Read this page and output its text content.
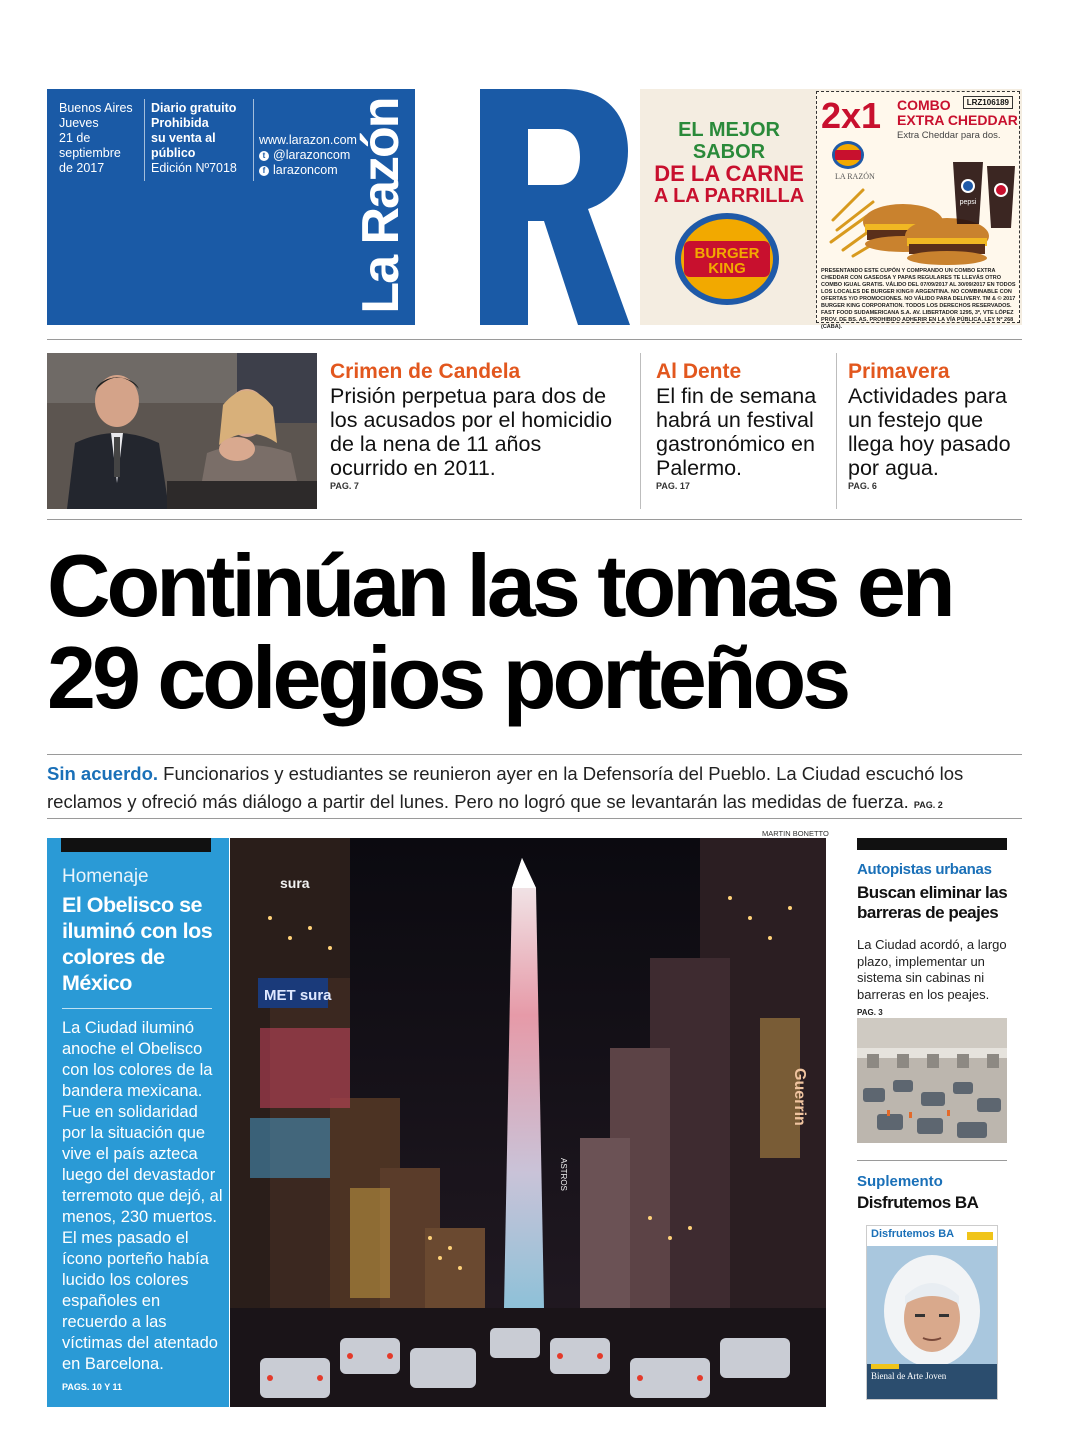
Buenos Aires
Jueves
21 de
septiembre
de 2017
Diario gratuito
Prohibida
su venta al
público
Edición Nº7018
www.larazon.com
t @larazoncom
f larazoncom La Razón	EL MEJOR SABOR
DE LA CARNE
A LA PARRILLA
BURGER
KING
2x1 COMBO
EXTRA CHEDDAR
Extra Cheddar para dos.
LRZ106189
LA RAZÓN
pepsi
PRESENTANDO ESTE CUPÓN Y COMPRANDO UN COMBO EXTRA CHEDDAR CON GASEOSA Y PAPAS REGULARES TE LLEVÁS OTRO COMBO IGUAL GRATIS. VÁLIDO DEL 07/09/2017 AL 30/09/2017 EN TODOS LOS LOCALES DE BURGER KING® ARGENTINA. NO COMBINABLE CON OFERTAS Y/O PROMOCIONES. NO VÁLIDO PARA DELIVERY. TM & © 2017 BURGER KING CORPORATION. TODOS LOS DERECHOS RESERVADOS. FAST FOOD SUDAMERICANA S.A. AV. LIBERTADOR 1295, 3º, VTE LÓPEZ PROV. DE BS. AS. PROHIBIDO ADHERIR EN LA VÍA PÚBLICA. LEY Nº 268 (CABA).
Crimen de Candela
Prisión perpetua para dos de los acusados por el homicidio de la nena de 11 años ocurrido en 2011.
PAG. 7
Al Dente
El fin de semana habrá un festival gastronómico en Palermo.
PAG. 17
Primavera
Actividades para un festejo que llega hoy pasado por agua.
PAG. 6
Continúan las tomas en 29 colegios porteños
Sin acuerdo. Funcionarios y estudiantes se reunieron ayer en la Defensoría del Pueblo. La Ciudad escuchó los reclamos y ofreció más diálogo a partir del lunes. Pero no logró que se levantarán las medidas de fuerza. PAG. 2
Homenaje
El Obelisco se iluminó con los colores de México
La Ciudad iluminó anoche el Obelisco con los colores de la bandera mexicana. Fue en solidaridad por la situación que vive el país azteca luego del devastador terremoto que dejó, al menos, 230 muertos. El mes pasado el ícono porteño había lucido los colores españoles en recuerdo a las víctimas del atentado en Barcelona.
PAGS. 10 Y 11
MARTIN BONETTO
MET sura
sura
Guerrin
ASTROS
Autopistas urbanas
Buscan eliminar las barreras de peajes
La Ciudad acordó, a largo plazo, implementar un sistema sin cabinas ni barreras en los peajes. PAG. 3
Suplemento
Disfrutemos BA
Disfrutemos BA
Bienal de Arte Joven
